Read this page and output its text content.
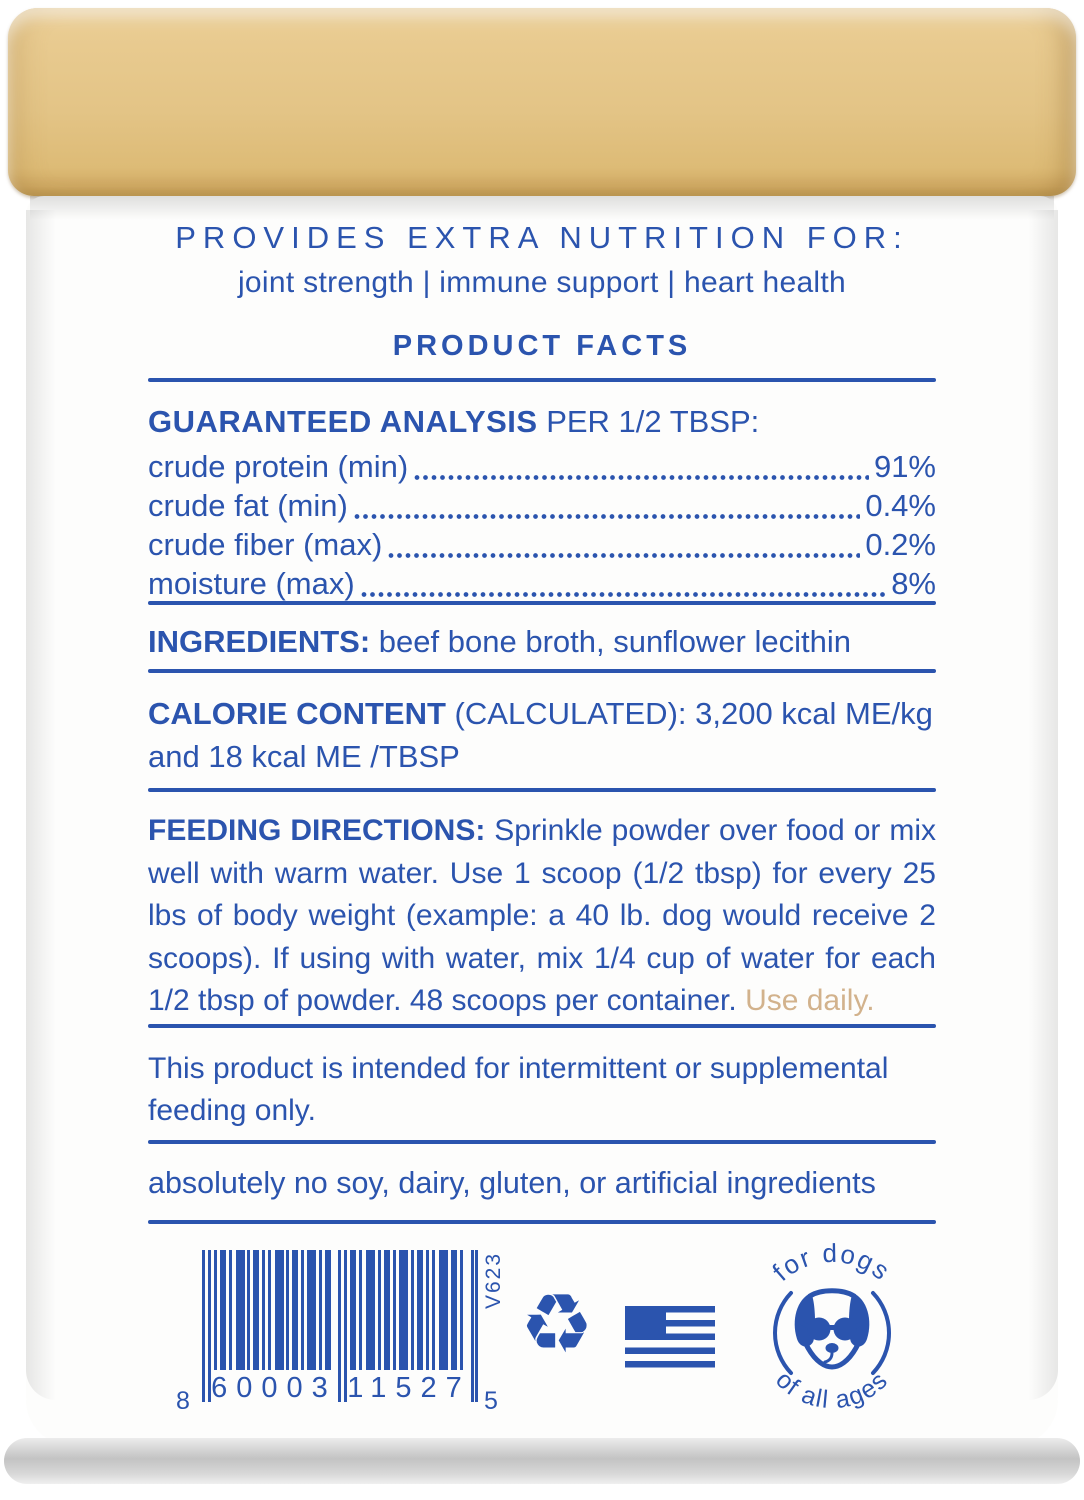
PROVIDES EXTRA NUTRITION FOR:
joint strength | immune support | heart health
PRODUCT FACTS
GUARANTEED ANALYSIS PER 1/2 TBSP:
crude protein (min)	91%
crude fat (min)	0.4%
crude fiber (max)	0.2%
moisture (max)	8%
INGREDIENTS: beef bone broth, sunflower lecithin
CALORIE CONTENT (CALCULATED): 3,200 kcal ME/kg and 18 kcal ME /TBSP
FEEDING DIRECTIONS: Sprinkle powder over food or mix well with warm water. Use 1 scoop (1/2 tbsp) for every 25 lbs of body weight (example: a 40 lb. dog would receive 2 scoops). If using with water, mix 1/4 cup of water for each 1/2 tbsp of powder. 48 scoops per container. Use daily.
This product is intended for intermittent or supplemental feeding only.
absolutely no soy, dairy, gluten, or artificial ingredients
8 60003 11527 5
V623 ♻
for dogs
of all ages
